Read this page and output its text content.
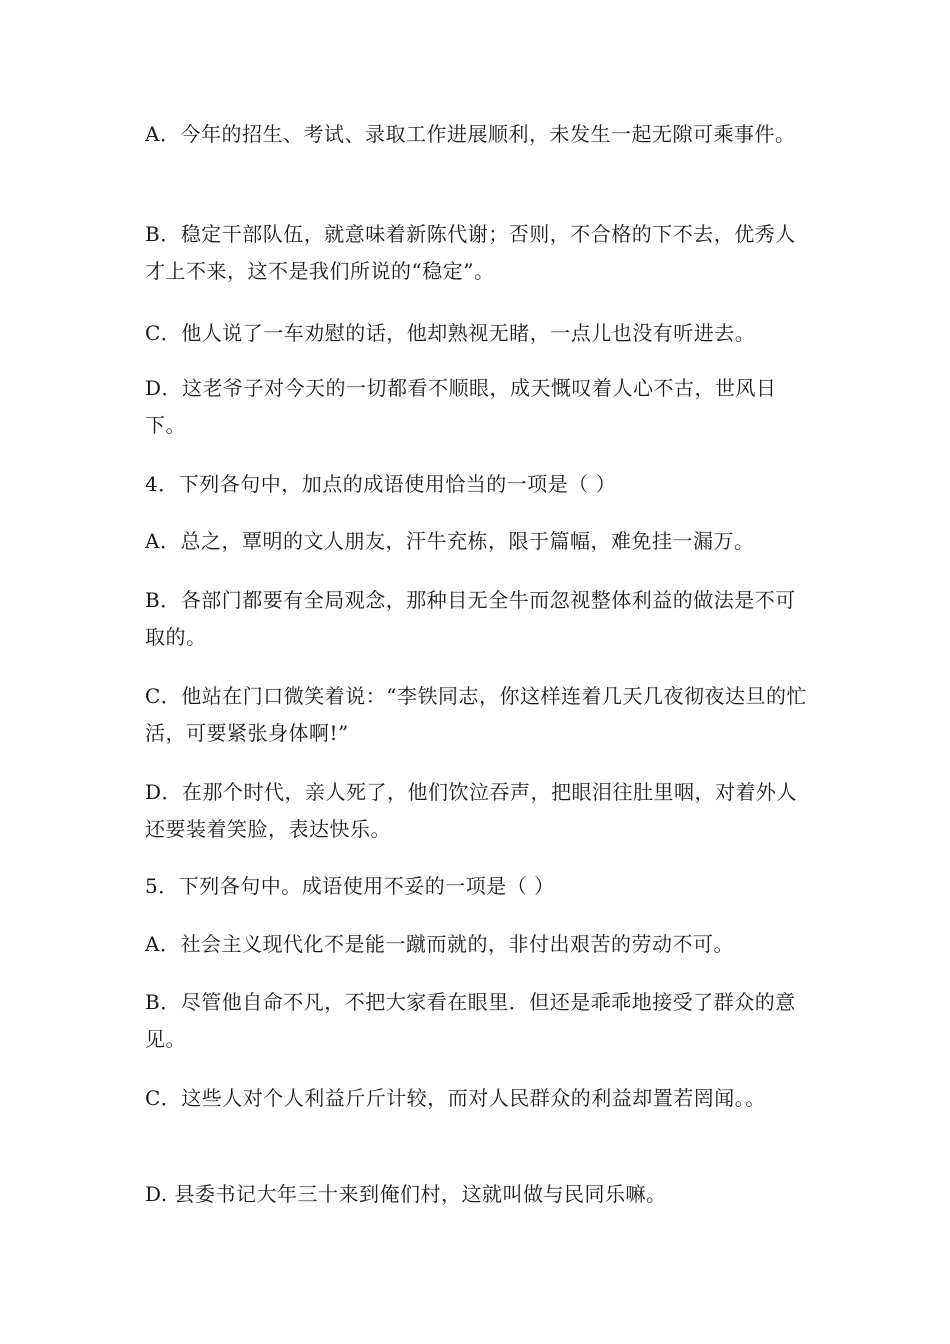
A．今年的招生、考试、录取工作进展顺利，未发生一起无隙可乘事件。

B．稳定干部队伍，就意味着新陈代谢；否则，不合格的下不去，优秀人才上不来，这不是我们所说的“稳定”。

C．他人说了一车劝慰的话，他却熟视无睹，一点儿也没有听进去。

D．这老爷子对今天的一切都看不顺眼，成天慨叹着人心不古，世风日下。

4．下列各句中，加点的成语使用恰当的一项是（ ）

A．总之，覃明的文人朋友，汗牛充栋，限于篇幅，难免挂一漏万。

B．各部门都要有全局观念，那种目无全牛而忽视整体利益的做法是不可取的。

C．他站在门口微笑着说：“李铁同志，你这样连着几天几夜彻夜达旦的忙活，可要紧张身体啊!”

D．在那个时代，亲人死了，他们饮泣吞声，把眼泪往肚里咽，对着外人还要装着笑脸，表达快乐。

5．下列各句中。成语使用不妥的一项是（ ）

A．社会主义现代化不是能一蹴而就的，非付出艰苦的劳动不可。

B．尽管他自命不凡，不把大家看在眼里．但还是乖乖地接受了群众的意见。

C．这些人对个人利益斤斤计较，而对人民群众的利益却置若罔闻。。

D. 县委书记大年三十来到俺们村，这就叫做与民同乐嘛。
